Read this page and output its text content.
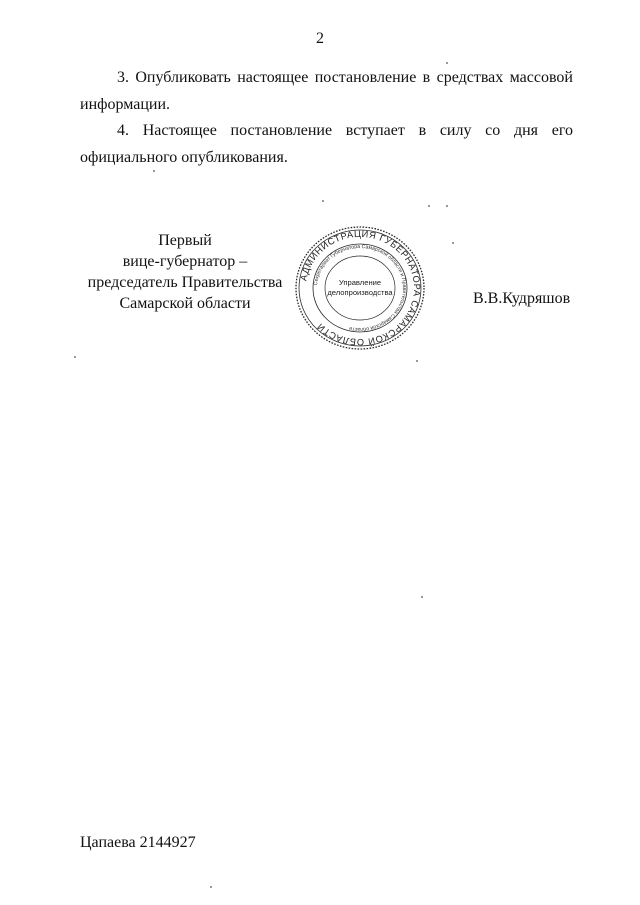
2
3. Опубликовать настоящее постановление в средствах массовой
информации.
4. Настоящее постановление вступает в силу со дня его
официального опубликования.
Первый
вице-губернатор –
председатель Правительства
Самарской области
АДМИНИСТРАЦИЯ ГУБЕРНАТОРА САМАРСКОЙ ОБЛАСТИ
Секретариат Губернатора Самарской области и Правительства Самарской области
Управление
делопроизводства	В.В.Кудряшов
Цапаева 2144927
